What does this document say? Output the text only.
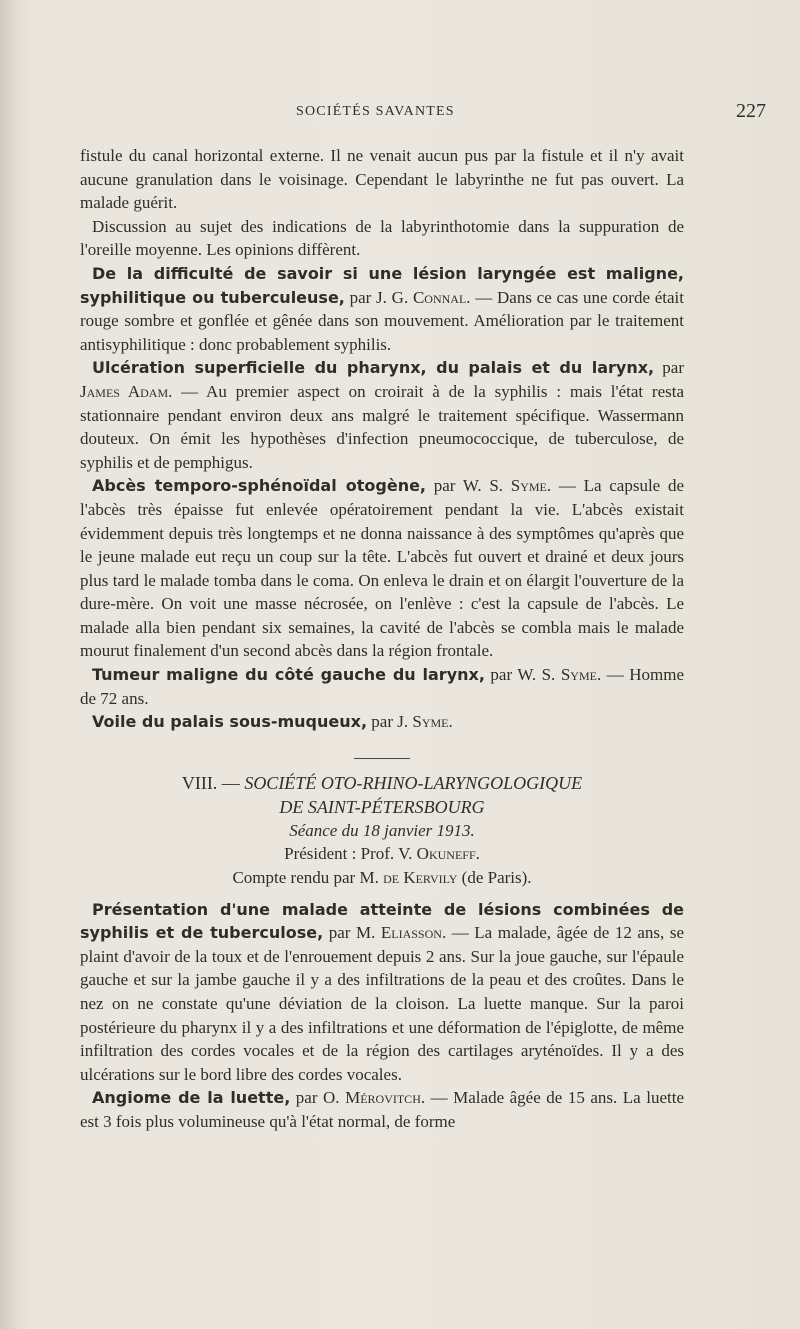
SOCIÉTÉS SAVANTES	227

fistule du canal horizontal externe. Il ne venait aucun pus par la fistule et il n'y avait aucune granulation dans le voisinage. Cependant le labyrinthe ne fut pas ouvert. La malade guérit.

Discussion au sujet des indications de la labyrinthotomie dans la suppuration de l'oreille moyenne. Les opinions diffèrent.

De la difficulté de savoir si une lésion laryngée est maligne, syphilitique ou tuberculeuse, par J. G. Connal. — Dans ce cas une corde était rouge sombre et gonflée et gênée dans son mouvement. Amélioration par le traitement antisyphilitique : donc probablement syphilis.

Ulcération superficielle du pharynx, du palais et du larynx, par James Adam. — Au premier aspect on croirait à de la syphilis : mais l'état resta stationnaire pendant environ deux ans malgré le traitement spécifique. Wassermann douteux. On émit les hypothèses d'infection pneumococcique, de tuberculose, de syphilis et de pemphigus.

Abcès temporo-sphénoïdal otogène, par W. S. Syme. — La capsule de l'abcès très épaisse fut enlevée opératoirement pendant la vie. L'abcès existait évidemment depuis très longtemps et ne donna naissance à des symptômes qu'après que le jeune malade eut reçu un coup sur la tête. L'abcès fut ouvert et drainé et deux jours plus tard le malade tomba dans le coma. On enleva le drain et on élargit l'ouverture de la dure-mère. On voit une masse nécrosée, on l'enlève : c'est la capsule de l'abcès. Le malade alla bien pendant six semaines, la cavité de l'abcès se combla mais le malade mourut finalement d'un second abcès dans la région frontale.

Tumeur maligne du côté gauche du larynx, par W. S. Syme. — Homme de 72 ans.

Voile du palais sous-muqueux, par J. Syme.

VIII. — SOCIÉTÉ OTO-RHINO-LARYNGOLOGIQUE
DE SAINT-PÉTERSBOURG

Séance du 18 janvier 1913.

Président : Prof. V. Okuneff.

Compte rendu par M. de Kervily (de Paris).

Présentation d'une malade atteinte de lésions combinées de syphilis et de tuberculose, par M. Eliasson. — La malade, âgée de 12 ans, se plaint d'avoir de la toux et de l'enrouement depuis 2 ans. Sur la joue gauche, sur l'épaule gauche et sur la jambe gauche il y a des infiltrations de la peau et des croûtes. Dans le nez on ne constate qu'une déviation de la cloison. La luette manque. Sur la paroi postérieure du pharynx il y a des infiltrations et une déformation de l'épiglotte, de même infiltration des cordes vocales et de la région des cartilages aryténoïdes. Il y a des ulcérations sur le bord libre des cordes vocales.

Angiome de la luette, par O. Mérovitch. — Malade âgée de 15 ans. La luette est 3 fois plus volumineuse qu'à l'état normal, de forme
